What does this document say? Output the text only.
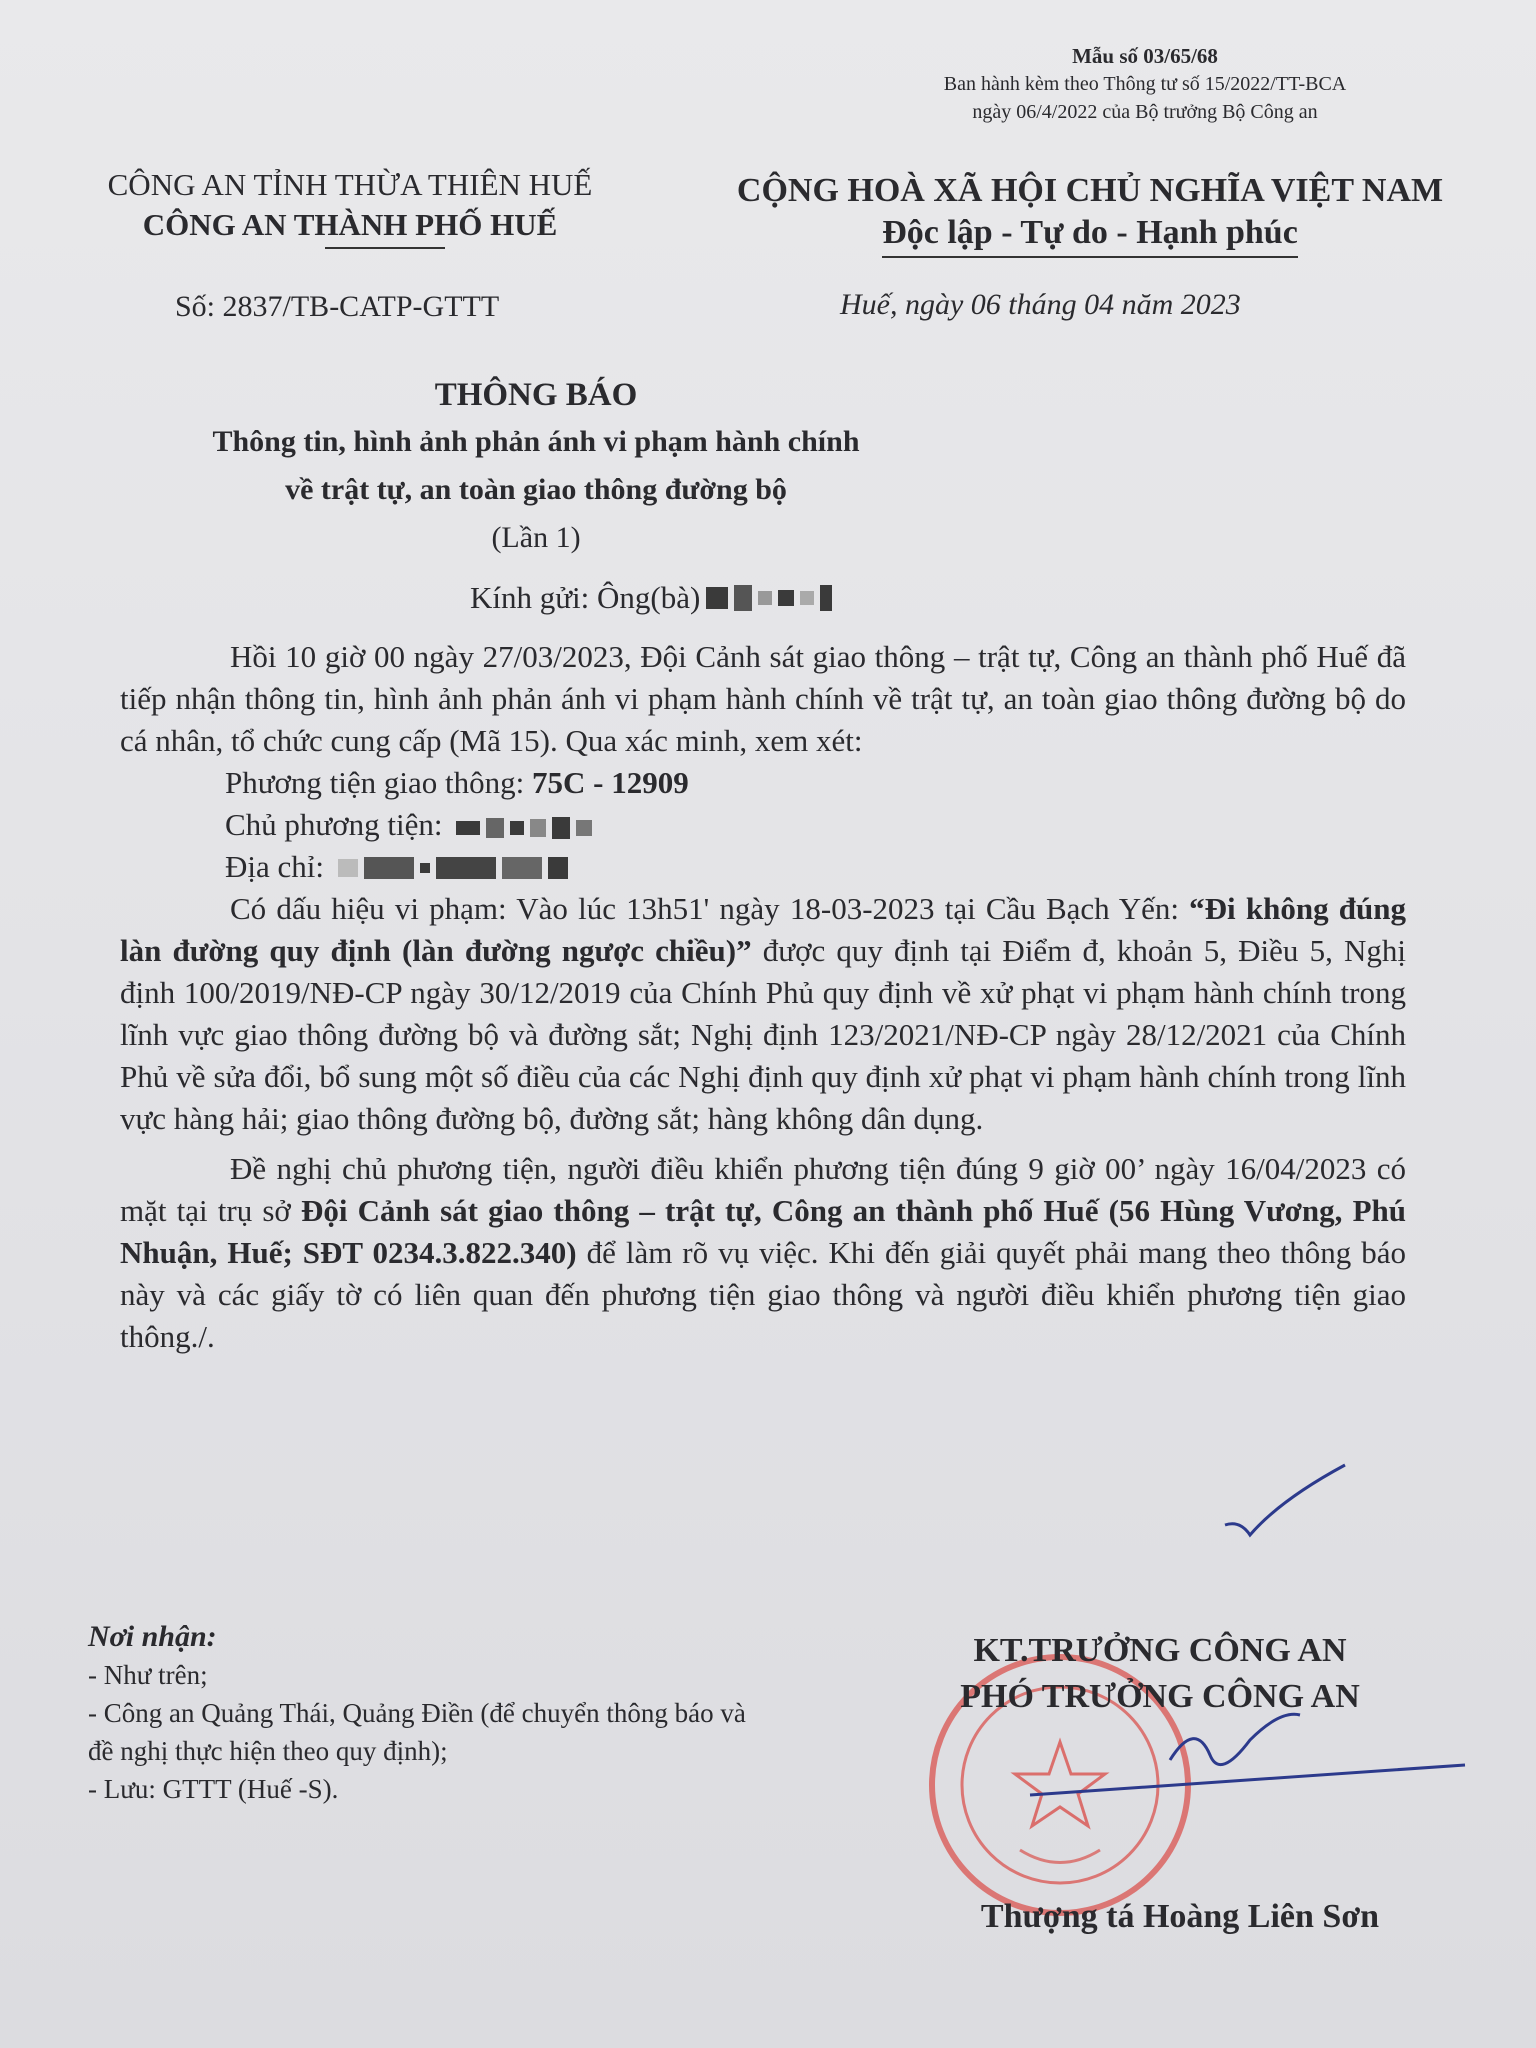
Mẫu số 03/65/68
Ban hành kèm theo Thông tư số 15/2022/TT-BCA
ngày 06/4/2022 của Bộ trưởng Bộ Công an
CÔNG AN TỈNH THỪA THIÊN HUẾ
CÔNG AN THÀNH PHỐ HUẾ
CỘNG HOÀ XÃ HỘI CHỦ NGHĨA VIỆT NAM
Độc lập - Tự do - Hạnh phúc
Số: 2837/TB-CATP-GTTT	Huế, ngày 06 tháng 04 năm 2023
THÔNG BÁO
Thông tin, hình ảnh phản ánh vi phạm hành chính
về trật tự, an toàn giao thông đường bộ
(Lần 1)
Kính gửi: Ông(bà)

Hồi 10 giờ 00 ngày 27/03/2023, Đội Cảnh sát giao thông – trật tự, Công an thành phố Huế đã tiếp nhận thông tin, hình ảnh phản ánh vi phạm hành chính về trật tự, an toàn giao thông đường bộ do cá nhân, tổ chức cung cấp (Mã 15). Qua xác minh, xem xét:

Phương tiện giao thông: 75C - 12909

Chủ phương tiện:

Địa chỉ:

Có dấu hiệu vi phạm: Vào lúc 13h51' ngày 18-03-2023 tại Cầu Bạch Yến: “Đi không đúng làn đường quy định (làn đường ngược chiều)” được quy định tại Điểm đ, khoản 5, Điều 5, Nghị định 100/2019/NĐ-CP ngày 30/12/2019 của Chính Phủ quy định về xử phạt vi phạm hành chính trong lĩnh vực giao thông đường bộ và đường sắt; Nghị định 123/2021/NĐ-CP ngày 28/12/2021 của Chính Phủ về sửa đổi, bổ sung một số điều của các Nghị định quy định xử phạt vi phạm hành chính trong lĩnh vực hàng hải; giao thông đường bộ, đường sắt; hàng không dân dụng.

Đề nghị chủ phương tiện, người điều khiển phương tiện đúng 9 giờ 00’ ngày 16/04/2023 có mặt tại trụ sở Đội Cảnh sát giao thông – trật tự, Công an thành phố Huế (56 Hùng Vương, Phú Nhuận, Huế; SĐT 0234.3.822.340) để làm rõ vụ việc. Khi đến giải quyết phải mang theo thông báo này và các giấy tờ có liên quan đến phương tiện giao thông và người điều khiển phương tiện giao thông./.

Nơi nhận:
- Như trên;
- Công an Quảng Thái, Quảng Điền (để chuyển thông báo và đề nghị thực hiện theo quy định);
- Lưu: GTTT (Huế -S).
KT.TRƯỞNG CÔNG AN
PHÓ TRƯỞNG CÔNG AN
Thượng tá Hoàng Liên Sơn
